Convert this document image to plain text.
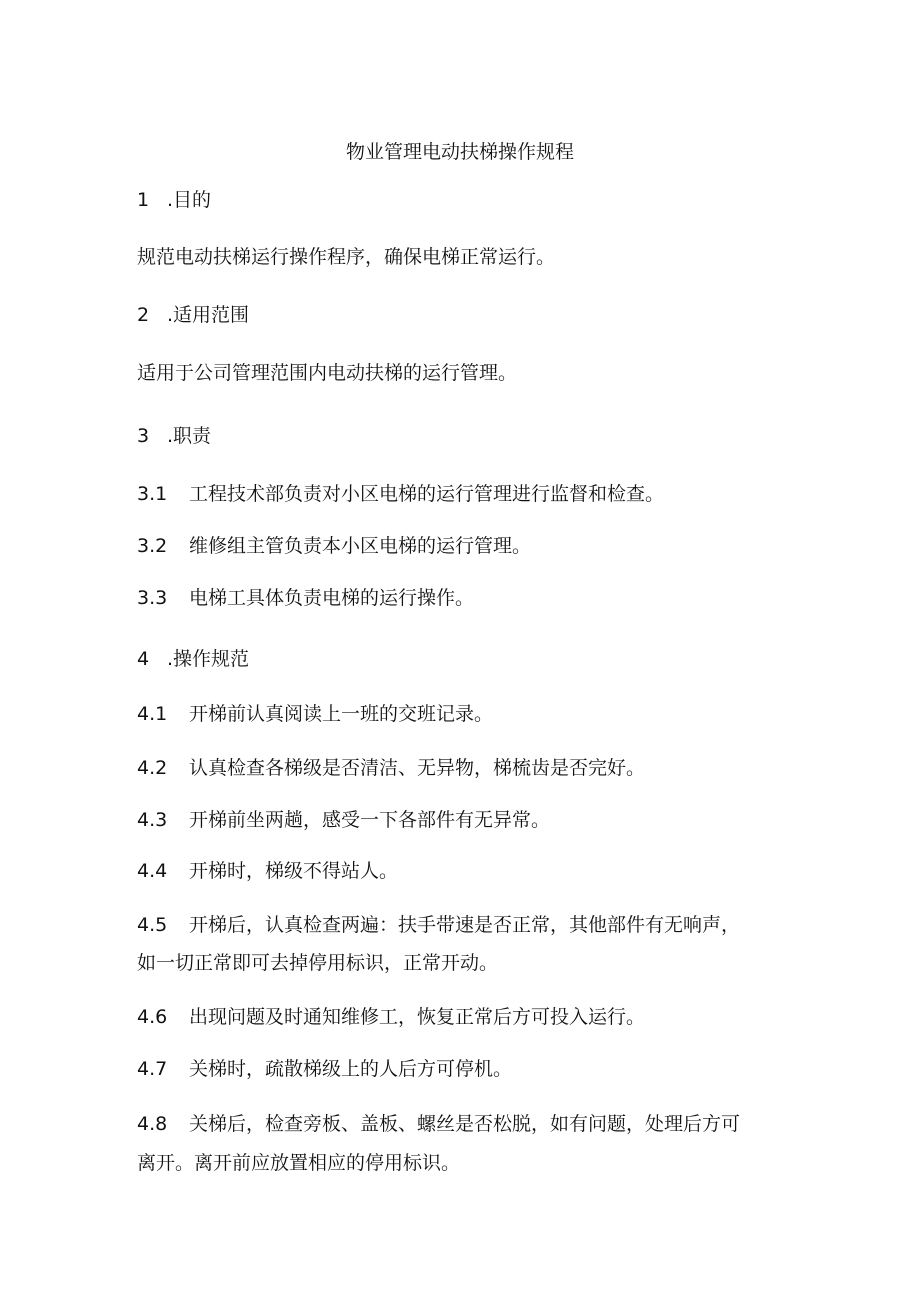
物业管理电动扶梯操作规程
1 .目的
规范电动扶梯运行操作程序，确保电梯正常运行。
2 .适用范围
适用于公司管理范围内电动扶梯的运行管理。
3 .职责
3.1 工程技术部负责对小区电梯的运行管理进行监督和检查。
3.2 维修组主管负责本小区电梯的运行管理。
3.3 电梯工具体负责电梯的运行操作。
4 .操作规范
4.1 开梯前认真阅读上一班的交班记录。
4.2 认真检查各梯级是否清洁、无异物，梯梳齿是否完好。
4.3 开梯前坐两趟，感受一下各部件有无异常。
4.4 开梯时，梯级不得站人。
4.5 开梯后，认真检查两遍：扶手带速是否正常，其他部件有无响声，
如一切正常即可去掉停用标识，正常开动。
4.6 出现问题及时通知维修工，恢复正常后方可投入运行。
4.7 关梯时，疏散梯级上的人后方可停机。
4.8 关梯后，检查旁板、盖板、螺丝是否松脱，如有问题，处理后方可
离开。离开前应放置相应的停用标识。
